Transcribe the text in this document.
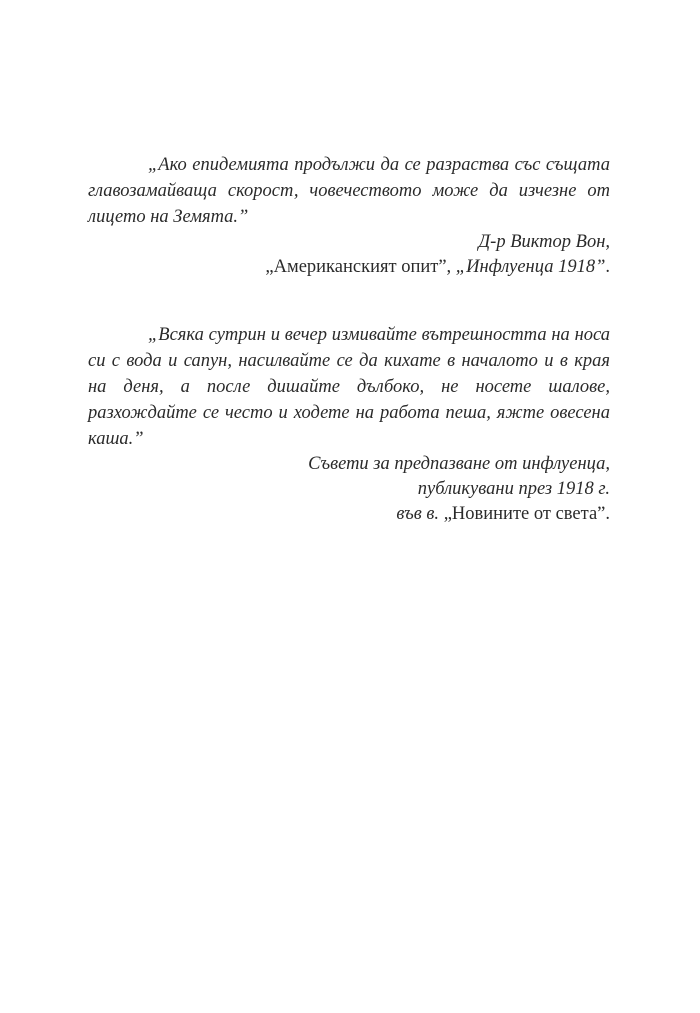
„Ако епидемията продължи да се разраства със същата главозамайваща скорост, човечеството може да изчезне от лицето на Земята.”

Д-р Виктор Вон,
„Американският опит”, „Инфлуенца 1918”.

„Всяка сутрин и вечер измивайте вътрешността на носа си с вода и сапун, насилвайте се да кихате в началото и в края на деня, а после дишайте дълбоко, не носете шалове, разхождайте се често и ходете на работа пеша, яжте овесена каша.”

Съвети за предпазване от инфлуенца,
публикувани през 1918 г.
във в. „Новините от света”.
